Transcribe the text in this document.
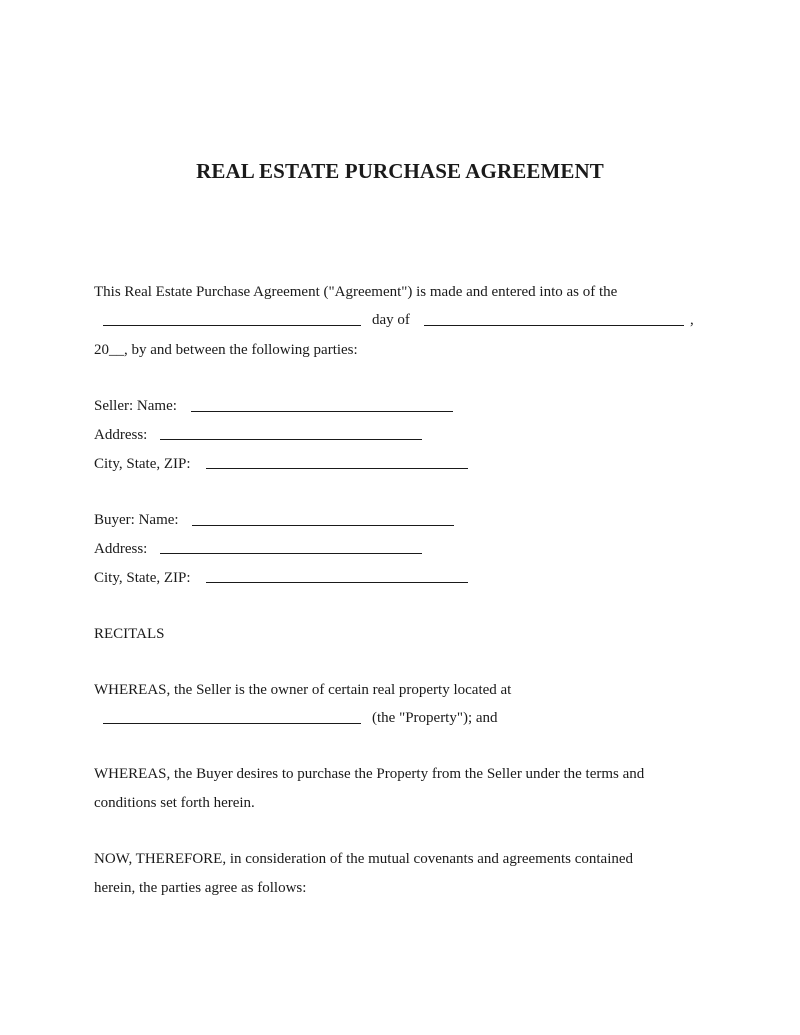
REAL ESTATE PURCHASE AGREEMENT
This Real Estate Purchase Agreement ("Agreement") is made and entered into as of the
day of	,
20__, by and between the following parties:
Seller: Name:
Address:
City, State, ZIP:
Buyer: Name:
Address:
City, State, ZIP:
RECITALS
WHEREAS, the Seller is the owner of certain real property located at
(the "Property"); and
WHEREAS, the Buyer desires to purchase the Property from the Seller under the terms and
conditions set forth herein.
NOW, THEREFORE, in consideration of the mutual covenants and agreements contained
herein, the parties agree as follows:
